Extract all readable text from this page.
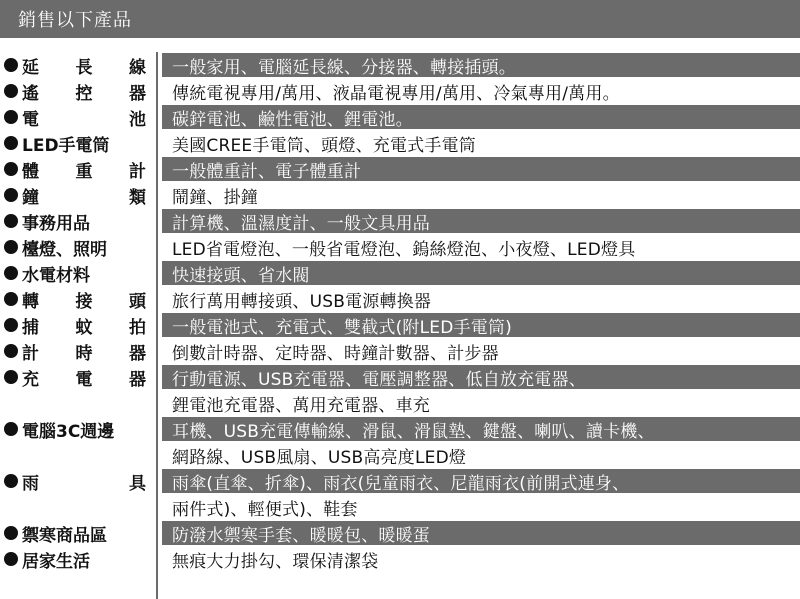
銷售以下產品
延 長 線 一般家用、電腦延長線、分接器、轉接插頭。
遙 控 器 傳統電視專用/萬用、液晶電視專用/萬用、冷氣專用/萬用。
電	池 碳鋅電池、鹼性電池、鋰電池。
LED手電筒	美國CREE手電筒、頭燈、充電式手電筒
體 重 計 一般體重計、電子體重計
鐘	類 鬧鐘、掛鐘
事務用品	計算機、溫濕度計、一般文具用品
檯燈、照明	LED省電燈泡、一般省電燈泡、鎢絲燈泡、小夜燈、LED燈具
水電材料	快速接頭、省水閥
轉 接 頭 旅行萬用轉接頭、USB電源轉換器
捕 蚊 拍 一般電池式、充電式、雙截式(附LED手電筒)
計 時 器 倒數計時器、定時器、時鐘計數器、計步器
充 電 器 行動電源、USB充電器、電壓調整器、低自放充電器、
鋰電池充電器、萬用充電器、車充
電腦3C週邊	耳機、USB充電傳輸線、滑鼠、滑鼠墊、鍵盤、喇叭、讀卡機、
網路線、USB風扇、USB高亮度LED燈
雨	具 雨傘(直傘、折傘)、雨衣(兒童雨衣、尼龍雨衣(前開式連身、
兩件式)、輕便式)、鞋套
禦寒商品區	防潑水禦寒手套、暖暖包、暖暖蛋
居家生活	無痕大力掛勾、環保清潔袋
